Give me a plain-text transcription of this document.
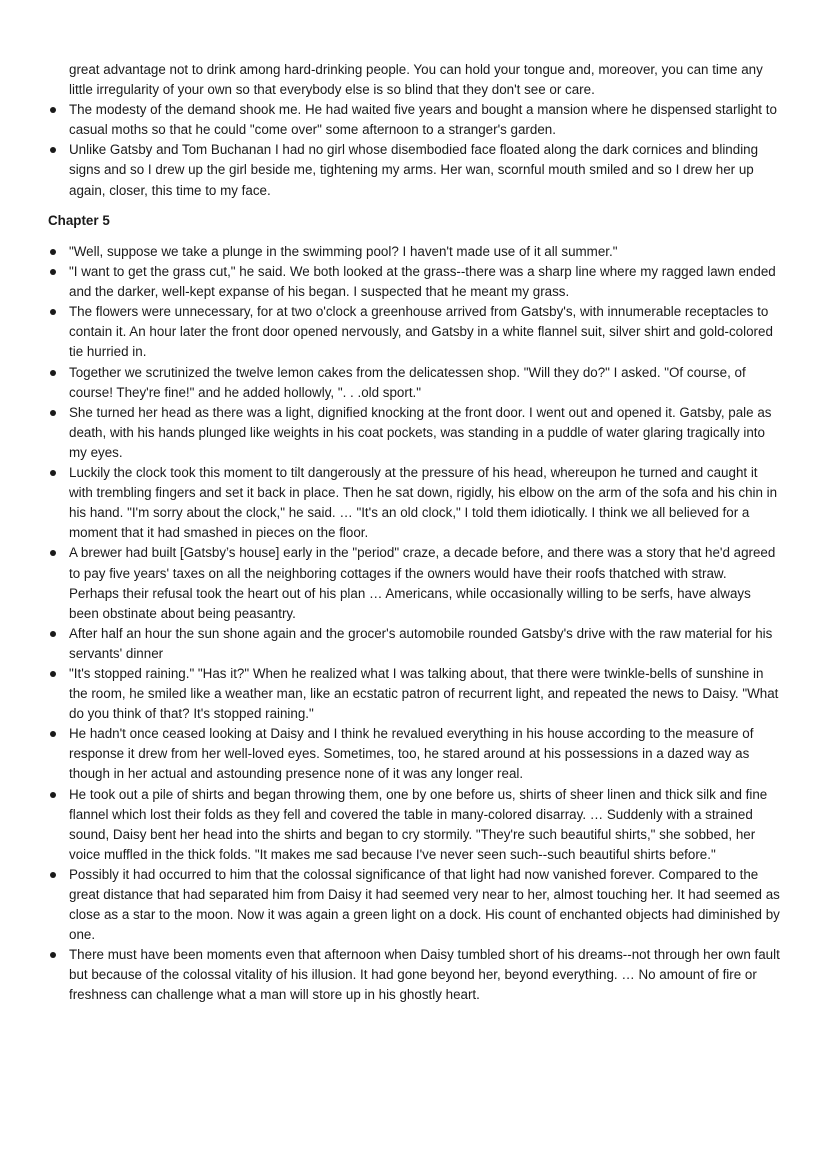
great advantage not to drink among hard-drinking people. You can hold your tongue and, moreover, you can time any little irregularity of your own so that everybody else is so blind that they don't see or care.
The modesty of the demand shook me. He had waited five years and bought a mansion where he dispensed starlight to casual moths so that he could "come over" some afternoon to a stranger's garden.
Unlike Gatsby and Tom Buchanan I had no girl whose disembodied face floated along the dark cornices and blinding signs and so I drew up the girl beside me, tightening my arms. Her wan, scornful mouth smiled and so I drew her up again, closer, this time to my face.
Chapter 5
"Well, suppose we take a plunge in the swimming pool? I haven't made use of it all summer."
"I want to get the grass cut," he said. We both looked at the grass--there was a sharp line where my ragged lawn ended and the darker, well-kept expanse of his began. I suspected that he meant my grass.
The flowers were unnecessary, for at two o'clock a greenhouse arrived from Gatsby's, with innumerable receptacles to contain it. An hour later the front door opened nervously, and Gatsby in a white flannel suit, silver shirt and gold-colored tie hurried in.
Together we scrutinized the twelve lemon cakes from the delicatessen shop. "Will they do?" I asked. "Of course, of course! They're fine!" and he added hollowly, ". . .old sport."
She turned her head as there was a light, dignified knocking at the front door. I went out and opened it. Gatsby, pale as death, with his hands plunged like weights in his coat pockets, was standing in a puddle of water glaring tragically into my eyes.
Luckily the clock took this moment to tilt dangerously at the pressure of his head, whereupon he turned and caught it with trembling fingers and set it back in place. Then he sat down, rigidly, his elbow on the arm of the sofa and his chin in his hand. "I'm sorry about the clock," he said. … "It's an old clock," I told them idiotically. I think we all believed for a moment that it had smashed in pieces on the floor.
A brewer had built [Gatsby’s house] early in the "period" craze, a decade before, and there was a story that he'd agreed to pay five years' taxes on all the neighboring cottages if the owners would have their roofs thatched with straw. Perhaps their refusal took the heart out of his plan … Americans, while occasionally willing to be serfs, have always been obstinate about being peasantry.
After half an hour the sun shone again and the grocer's automobile rounded Gatsby's drive with the raw material for his servants' dinner
"It's stopped raining." "Has it?" When he realized what I was talking about, that there were twinkle-bells of sunshine in the room, he smiled like a weather man, like an ecstatic patron of recurrent light, and repeated the news to Daisy. "What do you think of that? It's stopped raining."
He hadn't once ceased looking at Daisy and I think he revalued everything in his house according to the measure of response it drew from her well-loved eyes. Sometimes, too, he stared around at his possessions in a dazed way as though in her actual and astounding presence none of it was any longer real.
He took out a pile of shirts and began throwing them, one by one before us, shirts of sheer linen and thick silk and fine flannel which lost their folds as they fell and covered the table in many-colored disarray. … Suddenly with a strained sound, Daisy bent her head into the shirts and began to cry stormily. "They're such beautiful shirts," she sobbed, her voice muffled in the thick folds. "It makes me sad because I've never seen such--such beautiful shirts before."
Possibly it had occurred to him that the colossal significance of that light had now vanished forever. Compared to the great distance that had separated him from Daisy it had seemed very near to her, almost touching her. It had seemed as close as a star to the moon. Now it was again a green light on a dock. His count of enchanted objects had diminished by one.
There must have been moments even that afternoon when Daisy tumbled short of his dreams--not through her own fault but because of the colossal vitality of his illusion. It had gone beyond her, beyond everything. … No amount of fire or freshness can challenge what a man will store up in his ghostly heart.
